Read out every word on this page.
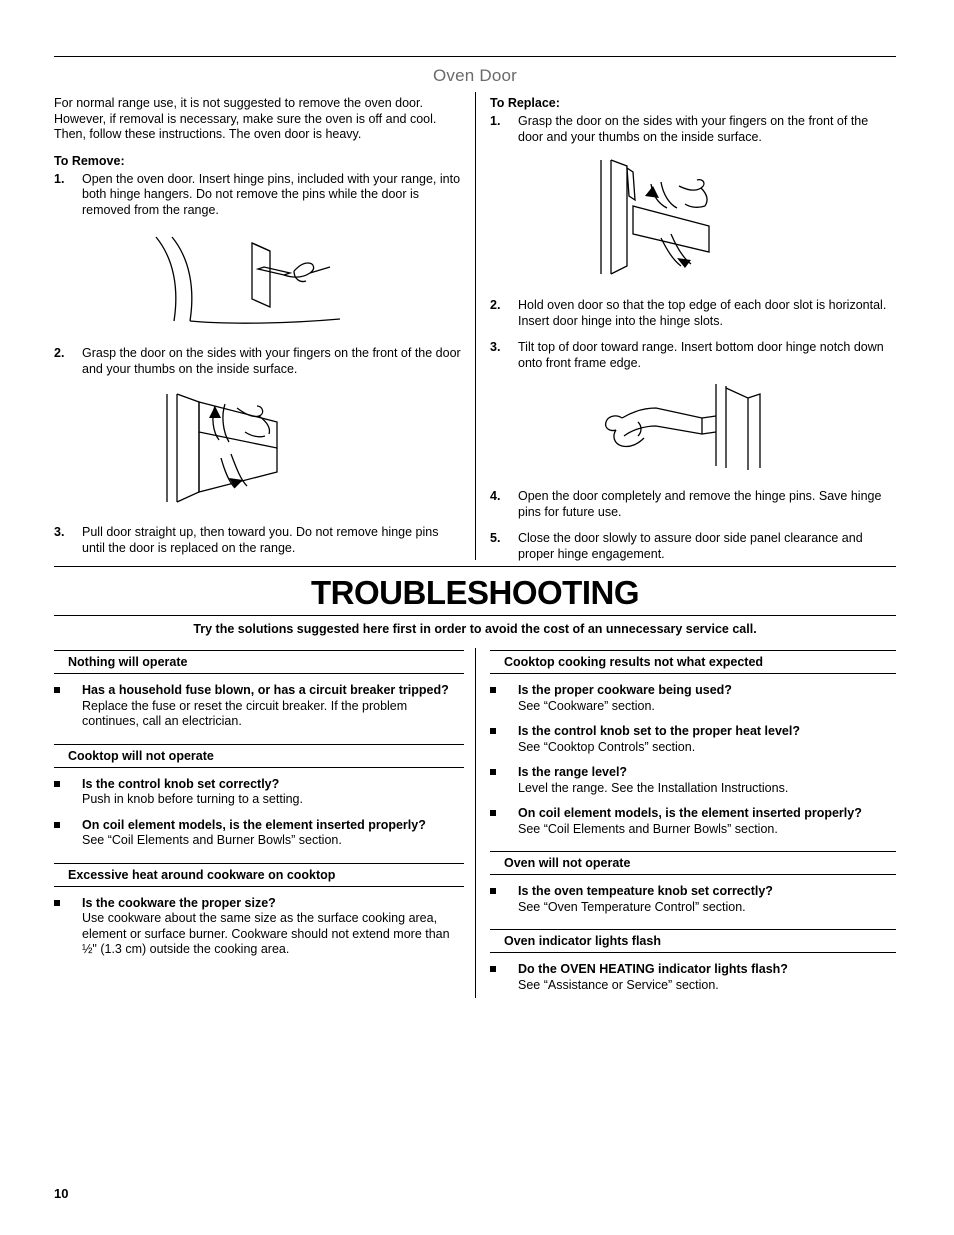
Oven Door

For normal range use, it is not suggested to remove the oven door. However, if removal is necessary, make sure the oven is off and cool. Then, follow these instructions. The oven door is heavy.

To Remove:
1.	Open the oven door. Insert hinge pins, included with your range, into both hinge hangers. Do not remove the pins while the door is removed from the range.
2.	Grasp the door on the sides with your fingers on the front of the door and your thumbs on the inside surface.
3.	Pull door straight up, then toward you. Do not remove hinge pins until the door is replaced on the range.
To Replace:
1.	Grasp the door on the sides with your fingers on the front of the door and your thumbs on the inside surface.
2.	Hold oven door so that the top edge of each door slot is horizontal. Insert door hinge into the hinge slots.
3.	Tilt top of door toward range. Insert bottom door hinge notch down onto front frame edge.
4.	Open the door completely and remove the hinge pins. Save hinge pins for future use.
5.	Close the door slowly to assure door side panel clearance and proper hinge engagement.
TROUBLESHOOTING
Try the solutions suggested here first in order to avoid the cost of an unnecessary service call.
Nothing will operate
Has a household fuse blown, or has a circuit breaker tripped?
Replace the fuse or reset the circuit breaker. If the problem continues, call an electrician.
Cooktop will not operate
Is the control knob set correctly?
Push in knob before turning to a setting.
On coil element models, is the element inserted properly?
See “Coil Elements and Burner Bowls” section.
Excessive heat around cookware on cooktop
Is the cookware the proper size?
Use cookware about the same size as the surface cooking area, element or surface burner. Cookware should not extend more than ½" (1.3 cm) outside the cooking area.
Cooktop cooking results not what expected
Is the proper cookware being used?
See “Cookware” section.
Is the control knob set to the proper heat level?
See “Cooktop Controls” section.
Is the range level?
Level the range. See the Installation Instructions.
On coil element models, is the element inserted properly?
See “Coil Elements and Burner Bowls” section.
Oven will not operate
Is the oven tempeature knob set correctly?
See “Oven Temperature Control” section.
Oven indicator lights flash
Do the OVEN HEATING indicator lights flash?
See “Assistance or Service” section.
10
